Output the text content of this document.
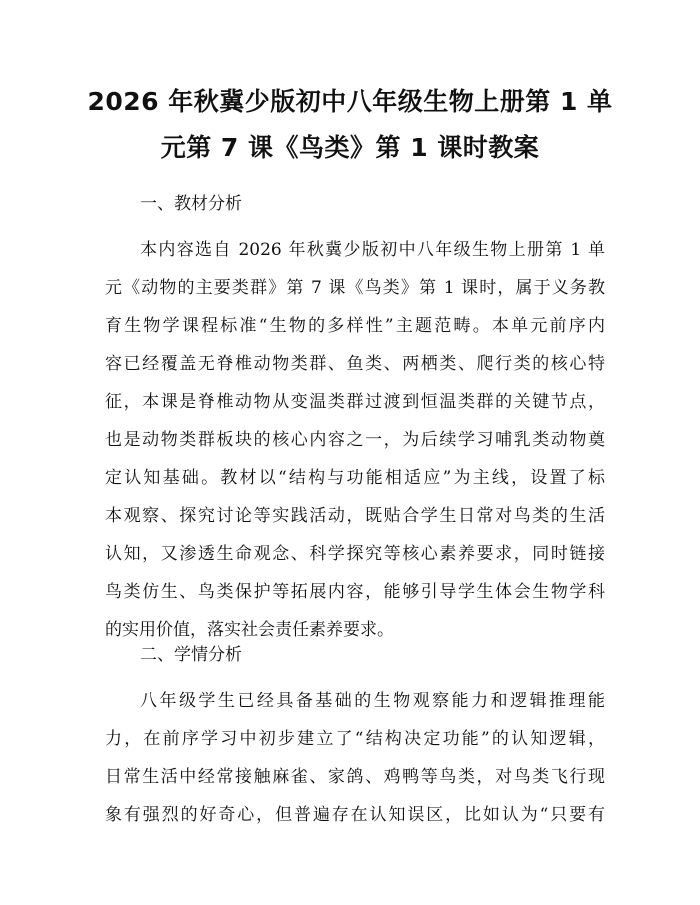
2026 年秋冀少版初中八年级生物上册第 1 单
元第 7 课《鸟类》第 1 课时教案
一、教材分析
本内容选自 2026 年秋冀少版初中八年级生物上册第 1 单
元《动物的主要类群》第 7 课《鸟类》第 1 课时，属于义务教
育生物学课程标准“生物的多样性”主题范畴。本单元前序内
容已经覆盖无脊椎动物类群、鱼类、两栖类、爬行类的核心特
征，本课是脊椎动物从变温类群过渡到恒温类群的关键节点，
也是动物类群板块的核心内容之一，为后续学习哺乳类动物奠
定认知基础。教材以“结构与功能相适应”为主线，设置了标
本观察、探究讨论等实践活动，既贴合学生日常对鸟类的生活
认知，又渗透生命观念、科学探究等核心素养要求，同时链接
鸟类仿生、鸟类保护等拓展内容，能够引导学生体会生物学科
的实用价值，落实社会责任素养要求。
二、学情分析
八年级学生已经具备基础的生物观察能力和逻辑推理能
力，在前序学习中初步建立了“结构决定功能”的认知逻辑，
日常生活中经常接触麻雀、家鸽、鸡鸭等鸟类，对鸟类飞行现
象有强烈的好奇心，但普遍存在认知误区，比如认为“只要有
